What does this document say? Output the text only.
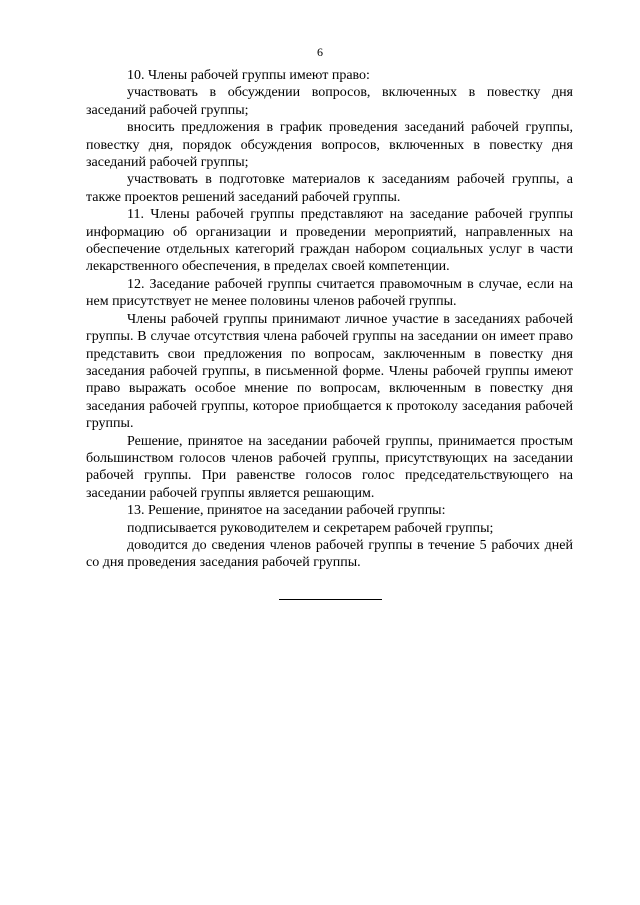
6

10. Члены рабочей группы имеют право:

участвовать в обсуждении вопросов, включенных в повестку дня заседаний рабочей группы;

вносить предложения в график проведения заседаний рабочей группы, повестку дня, порядок обсуждения вопросов, включенных в повестку дня заседаний рабочей группы;

участвовать в подготовке материалов к заседаниям рабочей группы, а также проектов решений заседаний рабочей группы.

11. Члены рабочей группы представляют на заседание рабочей группы информацию об организации и проведении мероприятий, направленных на обеспечение отдельных категорий граждан набором социальных услуг в части лекарственного обеспечения, в пределах своей компетенции.

12. Заседание рабочей группы считается правомочным в случае, если на нем присутствует не менее половины членов рабочей группы.

Члены рабочей группы принимают личное участие в заседаниях рабочей группы. В случае отсутствия члена рабочей группы на заседании он имеет право представить свои предложения по вопросам, заключенным в повестку дня заседания рабочей группы, в письменной форме. Члены рабочей группы имеют право выражать особое мнение по вопросам, включенным в повестку дня заседания рабочей группы, которое приобщается к протоколу заседания рабочей группы.

Решение, принятое на заседании рабочей группы, принимается простым большинством голосов членов рабочей группы, присутствующих на заседании рабочей группы. При равенстве голосов голос председательствующего на заседании рабочей группы является решающим.

13. Решение, принятое на заседании рабочей группы:

подписывается руководителем и секретарем рабочей группы;

доводится до сведения членов рабочей группы в течение 5 рабочих дней со дня проведения заседания рабочей группы.
